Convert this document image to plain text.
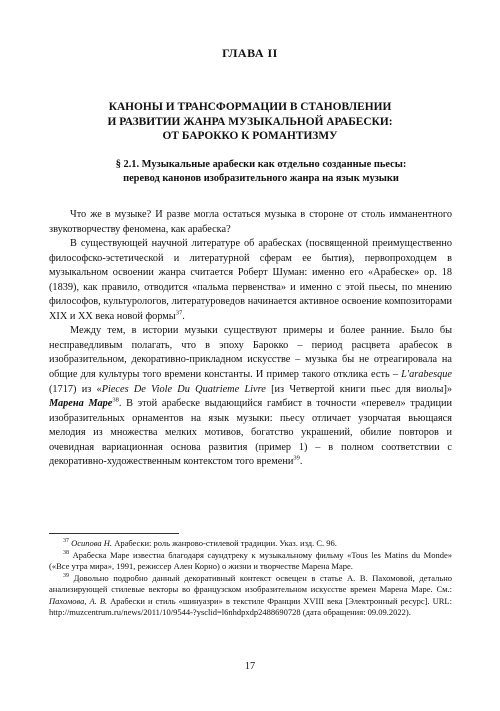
ГЛАВА II
КАНОНЫ И ТРАНСФОРМАЦИИ В СТАНОВЛЕНИИ
И РАЗВИТИИ ЖАНРА МУЗЫКАЛЬНОЙ АРАБЕСКИ:
ОТ БАРОККО К РОМАНТИЗМУ
§ 2.1. Музыкальные арабески как отдельно созданные пьесы:
перевод канонов изобразительного жанра на язык музыки

Что же в музыке? И разве могла остаться музыка в стороне от столь имманентного звукотворчеству феномена, как арабеска?

В существующей научной литературе об арабесках (посвященной преимущественно философско-эстетической и литературной сферам ее бытия), первопроходцем в музыкальном освоении жанра считается Роберт Шуман: именно его «Арабеске» ор. 18 (1839), как правило, отводится «пальма первенства» и именно с этой пьесы, по мнению философов, культурологов, литературоведов начинается активное освоение композиторами XIX и XX века новой формы$^{37}$.

Между тем, в истории музыки существуют примеры и более ранние. Было бы несправедливым полагать, что в эпоху Барокко – период расцвета арабесок в изобразительном, декоративно-прикладном искусстве – музыка бы не отреагировала на общие для культуры того времени константы. И пример такого отклика есть – L'arabesque (1717) из «Pieces De Viole Du Quatrieme Livre [из Четвертой книги пьес для виолы]» Марена Маре$^{38}$. В этой арабеске выдающийся гамбист в точности «перевел» традиции изобразительных орнаментов на язык музыки: пьесу отличает узорчатая вьющаяся мелодия из множества мелких мотивов, богатство украшений, обилие повторов и очевидная вариационная основа развития (пример 1) – в полном соответствии с декоративно-художественным контекстом того времени$^{39}$.

$^{37}$ Осипова Н. Арабески: роль жанрово-стилевой традиции. Указ. изд. С. 96.

$^{38}$ Арабеска Маре известна благодаря саундтреку к музыкальному фильму «Tous les Matins du Monde» («Все утра мира», 1991, режиссер Ален Корно) о жизни и творчестве Марена Маре.

$^{39}$ Довольно подробно данный декоративный контекст освещен в статье А. В. Пахомовой, детально анализирующей стилевые векторы во французском изобразительном искусстве времен Марена Маре. См.: Пахомова, А. В. Арабески и стиль «шинуазри» в текстиле Франции XVIII века [Электронный ресурс]. URL: http://muzcentrum.ru/news/2011/10/9544-?ysclid=l6nhdpxdp2488690728 (дата обращения: 09.09.2022).

17
